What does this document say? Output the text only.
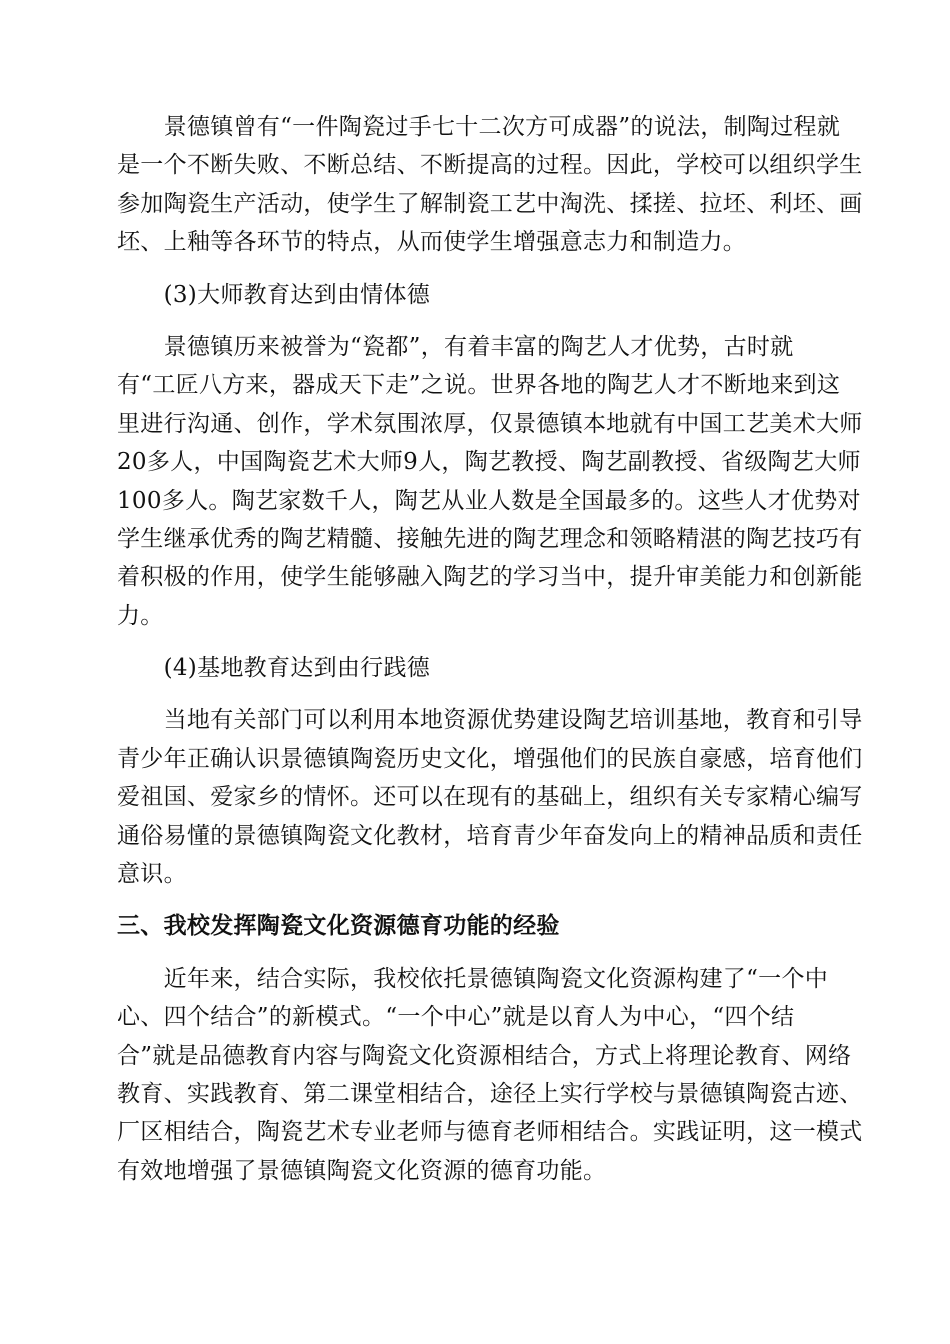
　　景德镇曾有“一件陶瓷过手七十二次方可成器”的说法，制陶过程就
是一个不断失败、不断总结、不断提高的过程。因此，学校可以组织学生
参加陶瓷生产活动，使学生了解制瓷工艺中淘洗、揉搓、拉坯、利坯、画
坯、上釉等各环节的特点，从而使学生增强意志力和制造力。

　　(3)大师教育达到由情体德

　　景德镇历来被誉为“瓷都”，有着丰富的陶艺人才优势，古时就
有“工匠八方来，器成天下走”之说。世界各地的陶艺人才不断地来到这
里进行沟通、创作，学术氛围浓厚，仅景德镇本地就有中国工艺美术大师
20多人，中国陶瓷艺术大师9人，陶艺教授、陶艺副教授、省级陶艺大师
100多人。陶艺家数千人，陶艺从业人数是全国最多的。这些人才优势对
学生继承优秀的陶艺精髓、接触先进的陶艺理念和领略精湛的陶艺技巧有
着积极的作用，使学生能够融入陶艺的学习当中，提升审美能力和创新能
力。

　　(4)基地教育达到由行践德

　　当地有关部门可以利用本地资源优势建设陶艺培训基地，教育和引导
青少年正确认识景德镇陶瓷历史文化，增强他们的民族自豪感，培育他们
爱祖国、爱家乡的情怀。还可以在现有的基础上，组织有关专家精心编写
通俗易懂的景德镇陶瓷文化教材，培育青少年奋发向上的精神品质和责任
意识。

三、我校发挥陶瓷文化资源德育功能的经验

　　近年来，结合实际，我校依托景德镇陶瓷文化资源构建了“一个中
心、四个结合”的新模式。“一个中心”就是以育人为中心，“四个结
合”就是品德教育内容与陶瓷文化资源相结合，方式上将理论教育、网络
教育、实践教育、第二课堂相结合，途径上实行学校与景德镇陶瓷古迹、
厂区相结合，陶瓷艺术专业老师与德育老师相结合。实践证明，这一模式
有效地增强了景德镇陶瓷文化资源的德育功能。
